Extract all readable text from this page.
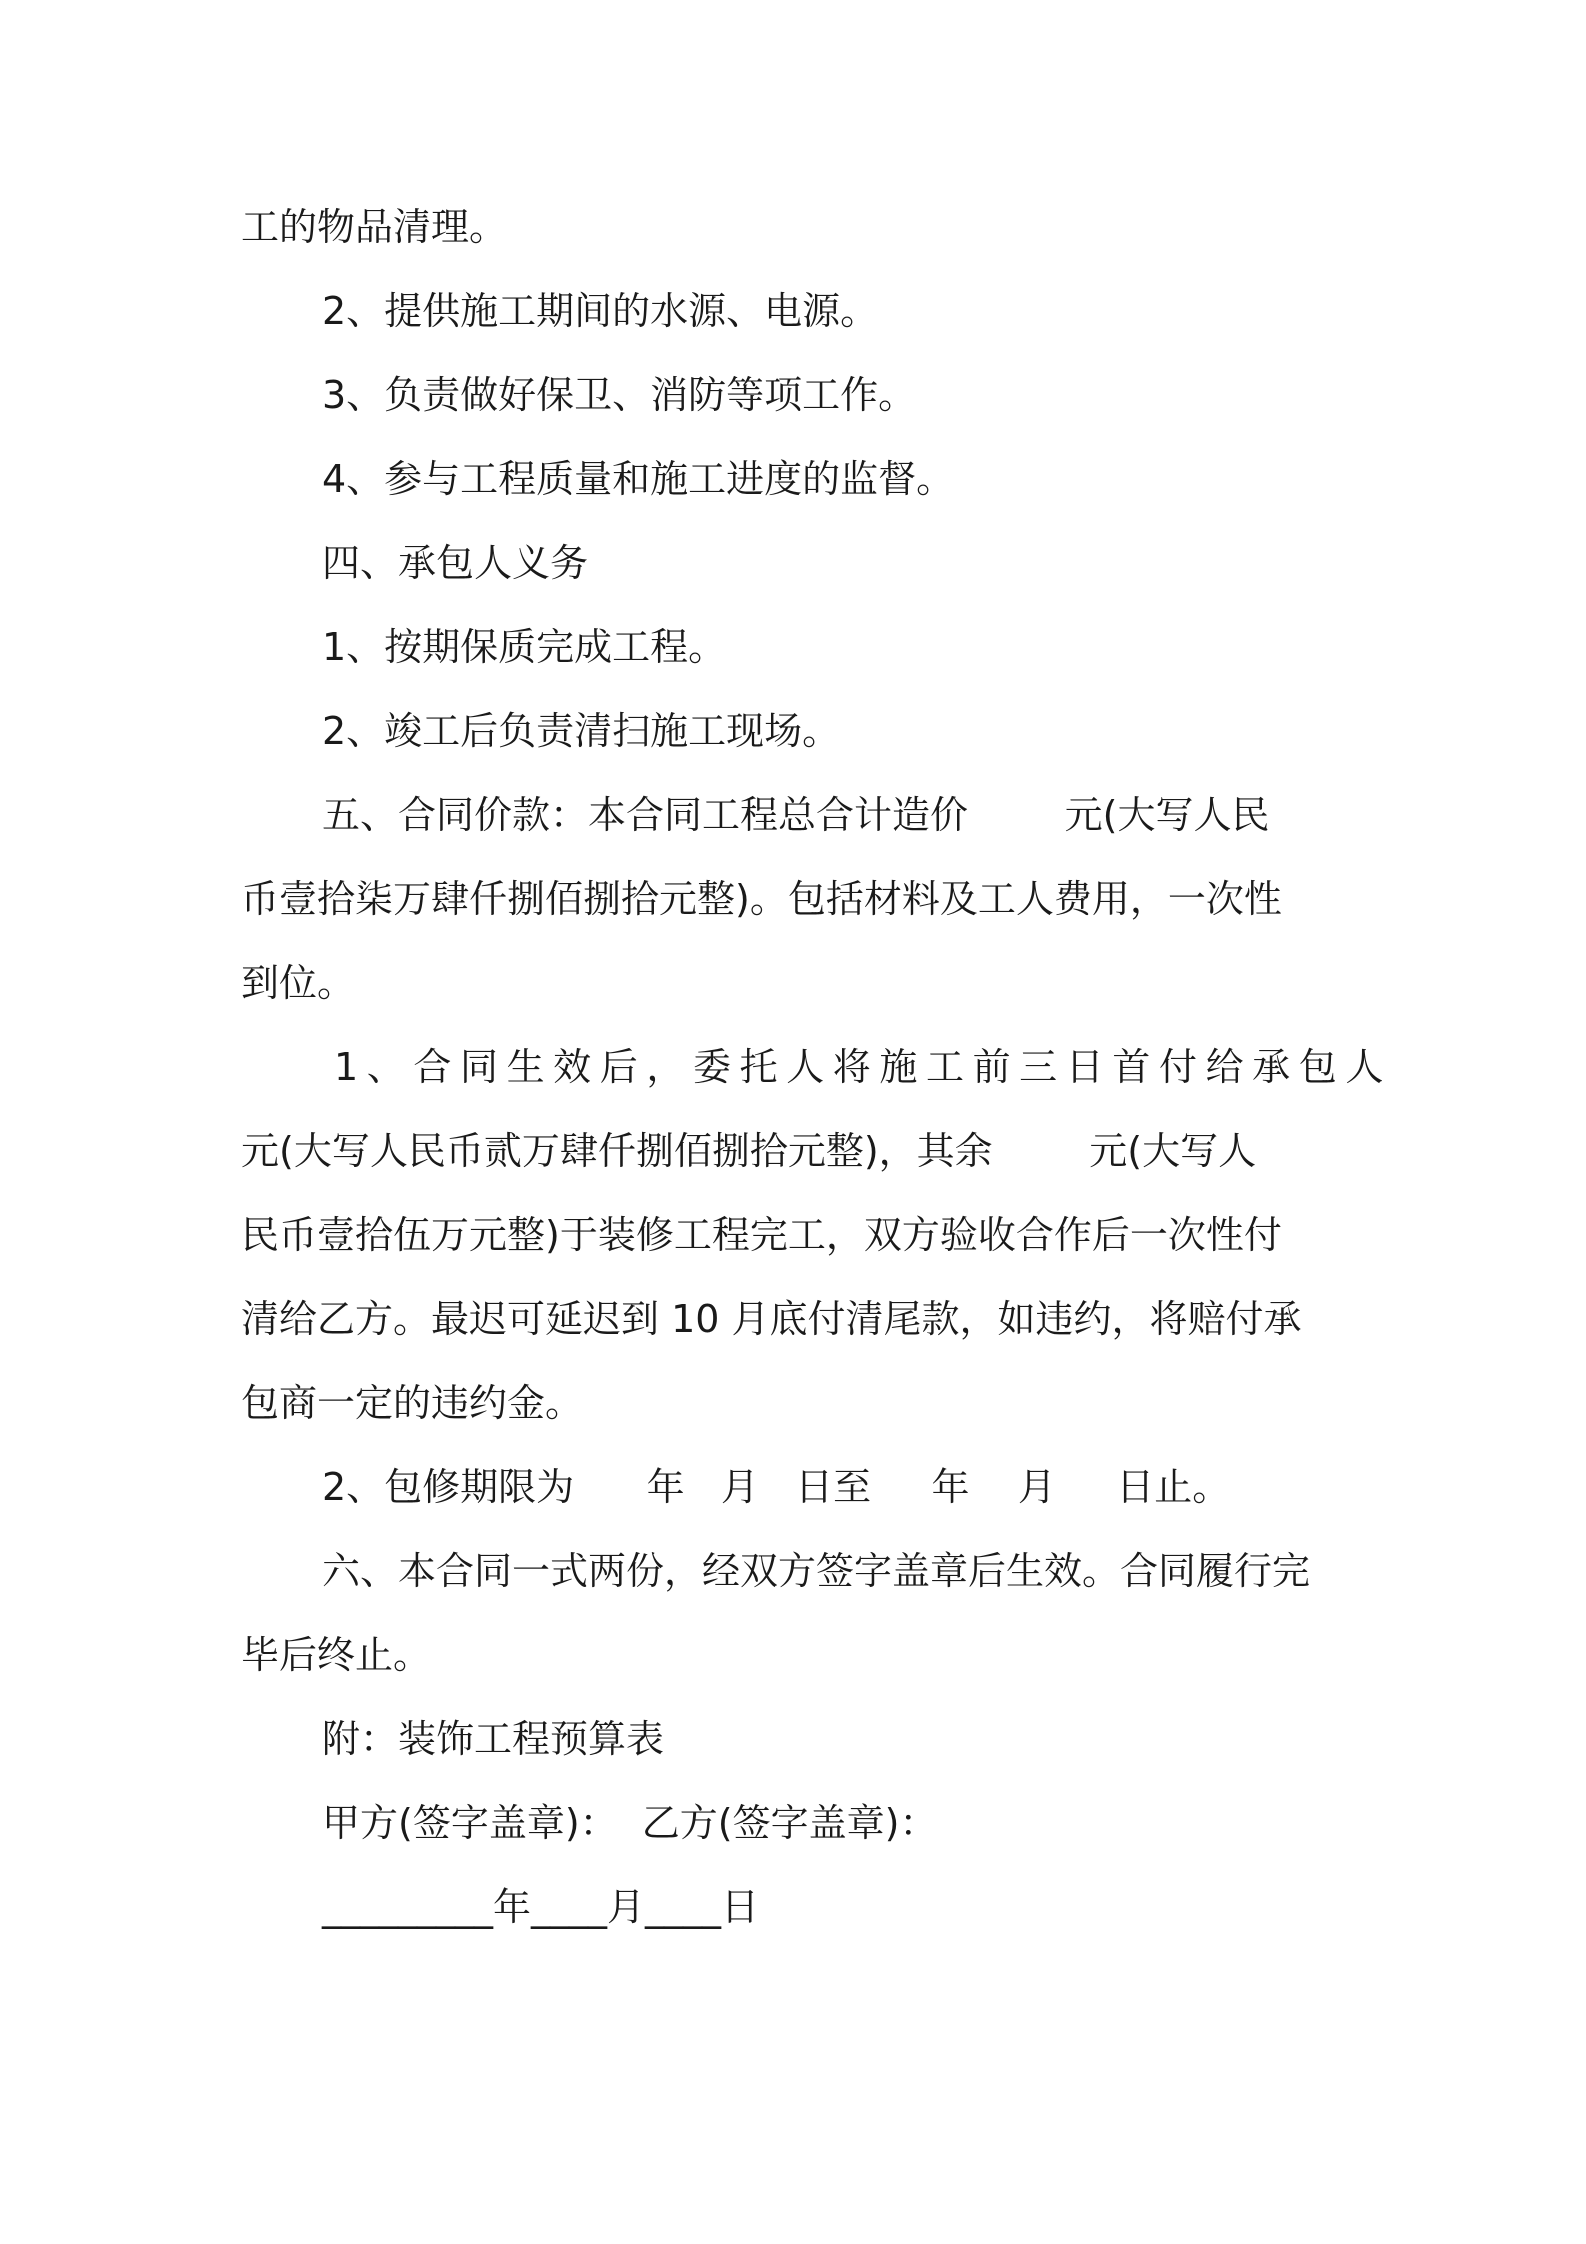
工的物品清理。
2、提供施工期间的水源、电源。
3、负责做好保卫、消防等项工作。
4、参与工程质量和施工进度的监督。
四、承包人义务
1、按期保质完成工程。
2、竣工后负责清扫施工现场。
五、合同价款：本合同工程总合计造价        元(大写人民
币壹拾柒万肆仟捌佰捌拾元整)。包括材料及工人费用，一次性
到位。
1、合同生效后，委托人将施工前三日首付给承包人
元(大写人民币贰万肆仟捌佰捌拾元整)，其余        元(大写人
民币壹拾伍万元整)于装修工程完工，双方验收合作后一次性付
清给乙方。最迟可延迟到 10 月底付清尾款，如违约，将赔付承
包商一定的违约金。
2、包修期限为      年   月   日至     年    月     日止。
六、本合同一式两份，经双方签字盖章后生效。合同履行完
毕后终止。
附：装饰工程预算表
甲方(签字盖章)：  乙方(签字盖章)：
_________年____月____日
